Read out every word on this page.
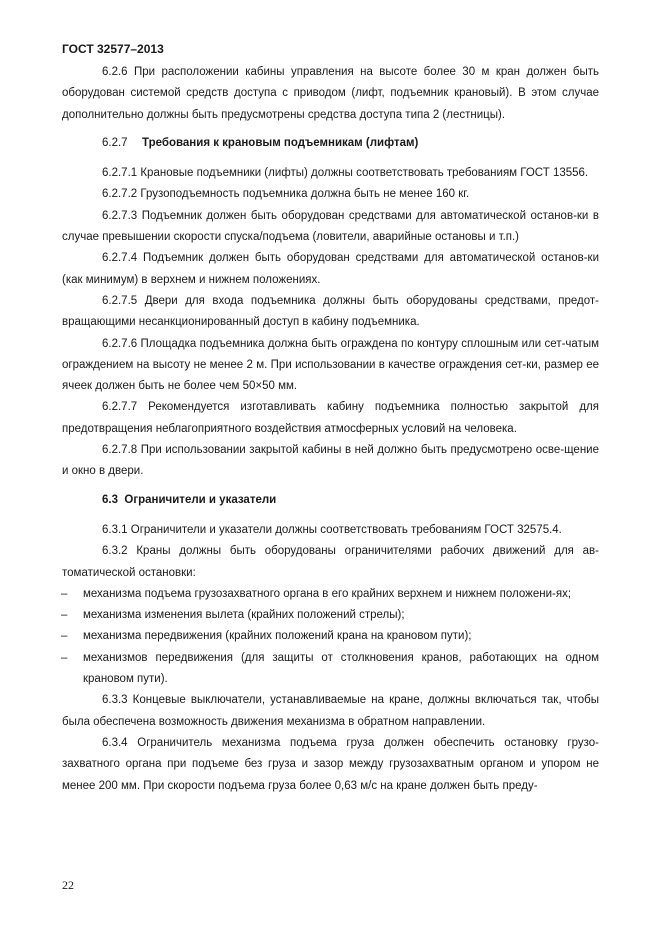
ГОСТ 32577–2013

6.2.6 При расположении кабины управления на высоте более 30 м кран должен быть оборудован системой средств доступа с приводом (лифт, подъемник крановый). В этом случае дополнительно должны быть предусмотрены средства доступа типа 2 (лестницы).

6.2.7 Требования к крановым подъемникам (лифтам)

6.2.7.1 Крановые подъемники (лифты) должны соответствовать требованиям ГОСТ 13556.

6.2.7.2 Грузоподъемность подъемника должна быть не менее 160 кг.

6.2.7.3 Подъемник должен быть оборудован средствами для автоматической останов-ки в случае превышении скорости спуска/подъема (ловители, аварийные остановы и т.п.)

6.2.7.4 Подъемник должен быть оборудован средствами для автоматической останов-ки (как минимум) в верхнем и нижнем положениях.

6.2.7.5 Двери для входа подъемника должны быть оборудованы средствами, предот-вращающими несанкционированный доступ в кабину подъемника.

6.2.7.6 Площадка подъемника должна быть ограждена по контуру сплошным или сет-чатым ограждением на высоту не менее 2 м. При использовании в качестве ограждения сет-ки, размер ее ячеек должен быть не более чем 50×50 мм.

6.2.7.7 Рекомендуется изготавливать кабину подъемника полностью закрытой для предотвращения неблагоприятного воздействия атмосферных условий на человека.

6.2.7.8 При использовании закрытой кабины в ней должно быть предусмотрено осве-щение и окно в двери.

6.3 Ограничители и указатели

6.3.1 Ограничители и указатели должны соответствовать требованиям ГОСТ 32575.4.

6.3.2 Краны должны быть оборудованы ограничителями рабочих движений для ав-томатической остановки:

– механизма подъема грузозахватного органа в его крайних верхнем и нижнем положени-ях;

– механизма изменения вылета (крайних положений стрелы);

– механизма передвижения (крайних положений крана на крановом пути);

– механизмов передвижения (для защиты от столкновения кранов, работающих на одном крановом пути).

6.3.3 Концевые выключатели, устанавливаемые на кране, должны включаться так, чтобы была обеспечена возможность движения механизма в обратном направлении.

6.3.4 Ограничитель механизма подъема груза должен обеспечить остановку грузо-захватного органа при подъеме без груза и зазор между грузозахватным органом и упором не менее 200 мм. При скорости подъема груза более 0,63 м/с на кране должен быть преду-

22
